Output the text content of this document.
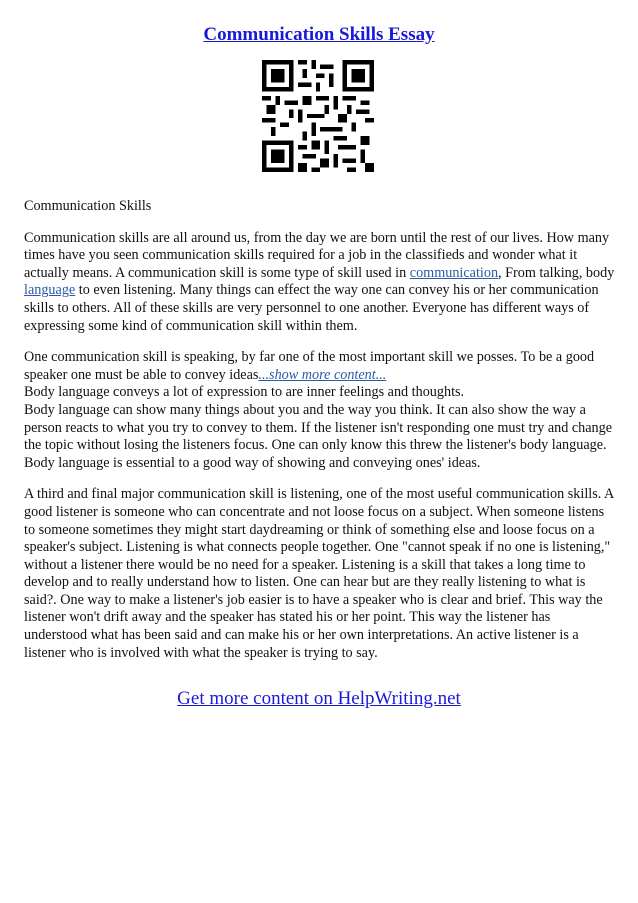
Communication Skills Essay

Communication Skills

Communication skills are all around us, from the day we are born until the rest of our lives. How many times have you seen communication skills required for a job in the classifieds and wonder what it actually means. A communication skill is some type of skill used in communication, From talking, body language to even listening. Many things can effect the way one can convey his or her communication skills to others. All of these skills are very personnel to one another. Everyone has different ways of expressing some kind of communication skill within them.

One communication skill is speaking, by far one of the most important skill we posses. To be a good speaker one must be able to convey ideas...show more content...

Body language conveys a lot of expression to are inner feelings and thoughts.

Body language can show many things about you and the way you think. It can also show the way a person reacts to what you try to convey to them. If the listener isn't responding one must try and change the topic without losing the listeners focus. One can only know this threw the listener's body language. Body language is essential to a good way of showing and conveying ones' ideas.

A third and final major communication skill is listening, one of the most useful communication skills. A good listener is someone who can concentrate and not loose focus on a subject. When someone listens to someone sometimes they might start daydreaming or think of something else and loose focus on a speaker's subject. Listening is what connects people together. One "cannot speak if no one is listening," without a listener there would be no need for a speaker. Listening is a skill that takes a long time to develop and to really understand how to listen. One can hear but are they really listening to what is said?. One way to make a listener's job easier is to have a speaker who is clear and brief. This way the listener won't drift away and the speaker has stated his or her point. This way the listener has understood what has been said and can make his or her own interpretations. An active listener is a listener who is involved with what the speaker is trying to say.

Get more content on HelpWriting.net
